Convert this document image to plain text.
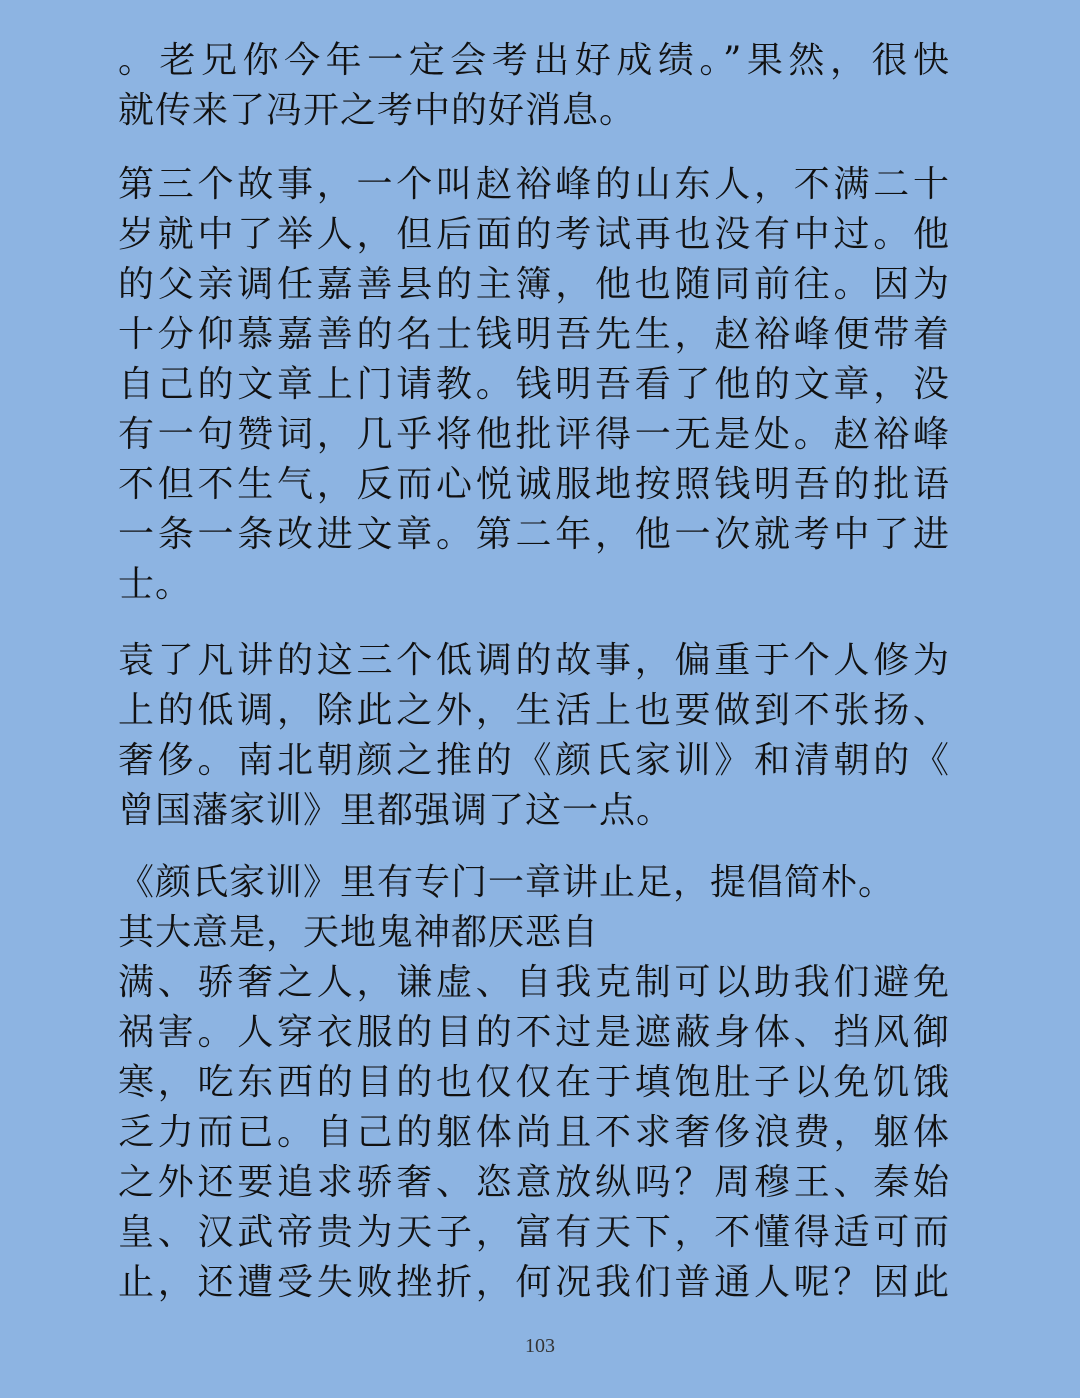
。老兄你今年一定会考出好成绩。”果然，很快
就传来了冯开之考中的好消息。
第三个故事，一个叫赵裕峰的山东人，不满二十
岁就中了举人，但后面的考试再也没有中过。他
的父亲调任嘉善县的主簿，他也随同前往。因为
十分仰慕嘉善的名士钱明吾先生，赵裕峰便带着
自己的文章上门请教。钱明吾看了他的文章，没
有一句赞词，几乎将他批评得一无是处。赵裕峰
不但不生气，反而心悦诚服地按照钱明吾的批语
一条一条改进文章。第二年，他一次就考中了进
士。
袁了凡讲的这三个低调的故事，偏重于个人修为
上的低调，除此之外，生活上也要做到不张扬、
奢侈。南北朝颜之推的《颜氏家训》和清朝的《
曾国藩家训》里都强调了这一点。
《颜氏家训》里有专门一章讲止足，提倡简朴。
其大意是，天地鬼神都厌恶自
满、骄奢之人，谦虚、自我克制可以助我们避免
祸害。人穿衣服的目的不过是遮蔽身体、挡风御
寒，吃东西的目的也仅仅在于填饱肚子以免饥饿
乏力而已。自己的躯体尚且不求奢侈浪费，躯体
之外还要追求骄奢、恣意放纵吗？周穆王、秦始
皇、汉武帝贵为天子，富有天下，不懂得适可而
止，还遭受失败挫折，何况我们普通人呢？因此
103
